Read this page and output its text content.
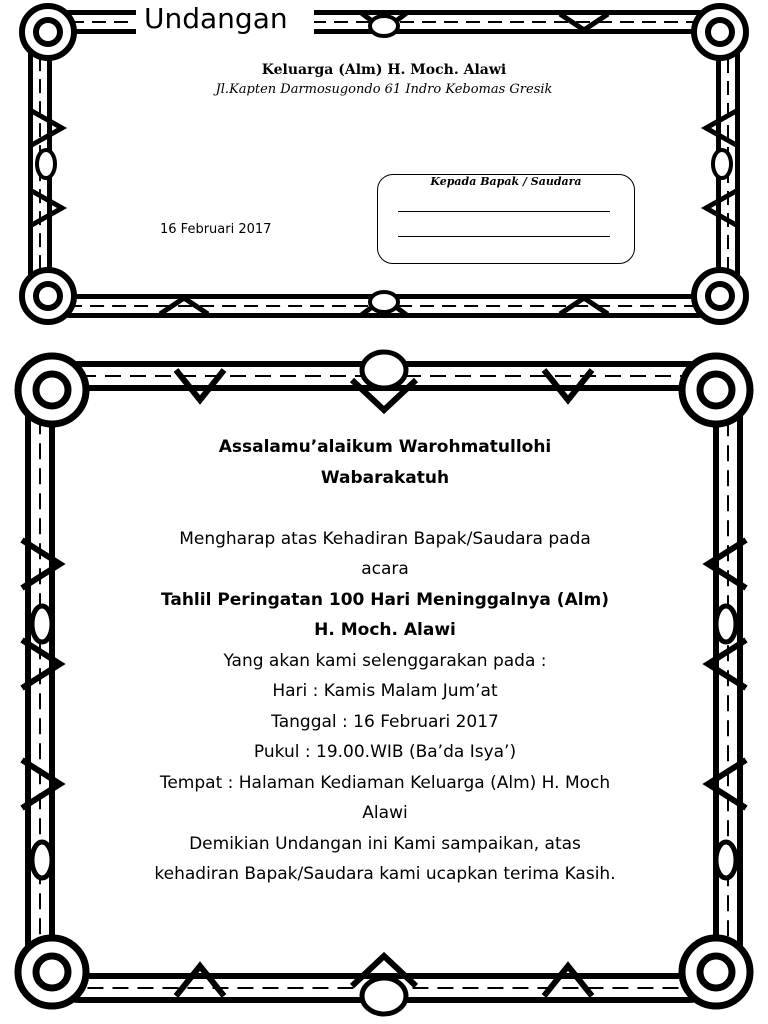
Undangan
Keluarga (Alm) H. Moch. Alawi
Jl.Kapten Darmosugondo 61 Indro Kebomas Gresik
16 Februari 2017
Kepada Bapak / Saudara
Assalamu’alaikum Warohmatullohi
Wabarakatuh
Mengharap atas Kehadiran Bapak/Saudara pada
acara
Tahlil Peringatan 100 Hari Meninggalnya (Alm)
H. Moch. Alawi
Yang akan kami selenggarakan pada :
Hari : Kamis Malam Jum’at
Tanggal : 16 Februari 2017
Pukul : 19.00.WIB (Ba’da Isya’)
Tempat : Halaman Kediaman Keluarga (Alm) H. Moch
Alawi
Demikian Undangan ini Kami sampaikan, atas
kehadiran Bapak/Saudara kami ucapkan terima Kasih.
